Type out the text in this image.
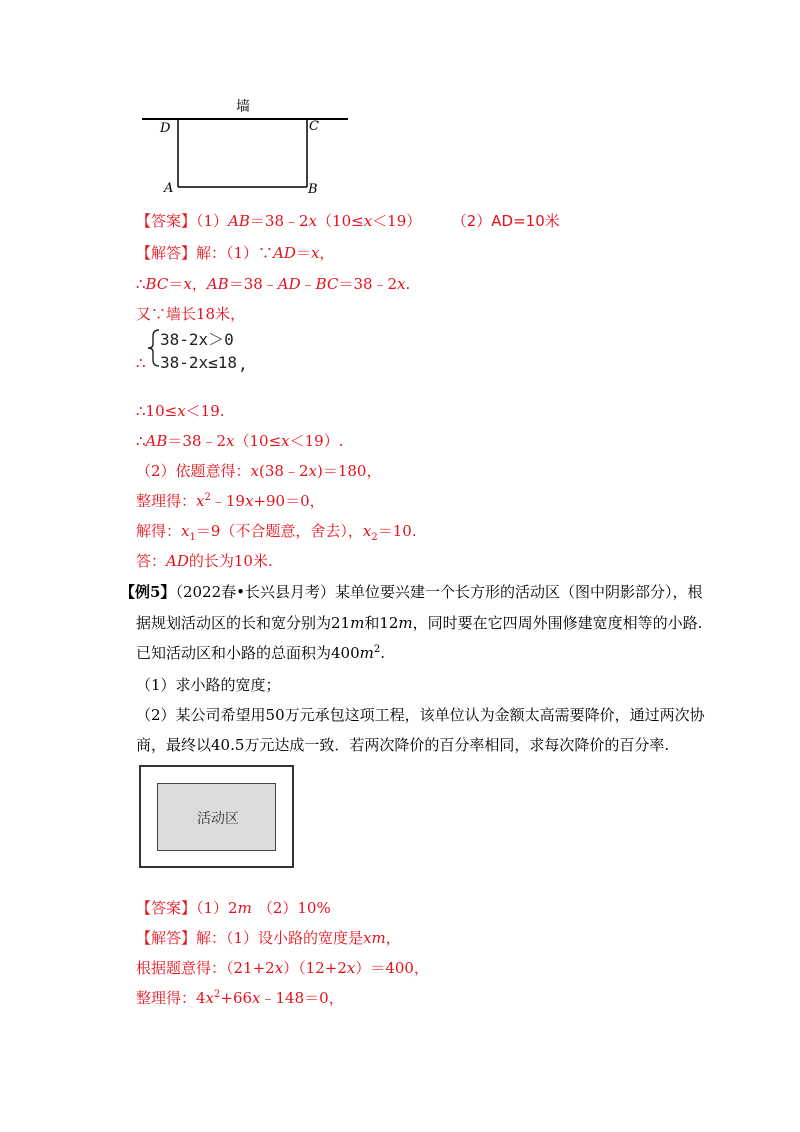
墙
D	C
A	B
【答案】（1）AB＝38﹣2x（10≤x＜19）	（2）AD=10米
【解答】解：（1）∵AD＝x，
∴BC＝x，AB＝38﹣AD﹣BC＝38﹣2x.
又∵墙长18米，
38-2x＞0
38-2x≤18 ,
∴
∴10≤x＜19.
∴AB＝38﹣2x（10≤x＜19）.
（2）依题意得：x(38﹣2x)＝180，
整理得：$x^2﹣19x+90=0$，
解得：$x_1=9$（不合题意，舍去），$x_2=10$.
答：AD的长为10米.
【例5】（2022春•长兴县月考）某单位要兴建一个长方形的活动区（图中阴影部分），根
据规划活动区的长和宽分别为21m和12m，同时要在它四周外围修建宽度相等的小路.
已知活动区和小路的总面积为$400m^2$.
（1）求小路的宽度；
（2）某公司希望用50万元承包这项工程，该单位认为金额太高需要降价，通过两次协
商，最终以40.5万元达成一致．若两次降价的百分率相同，求每次降价的百分率.
活动区
【答案】（1）2m （2）10%
【解答】解：（1）设小路的宽度是xm，
根据题意得：（21+2x）（12+2x）＝400，
整理得：$4x^2+66x﹣148=0$，
